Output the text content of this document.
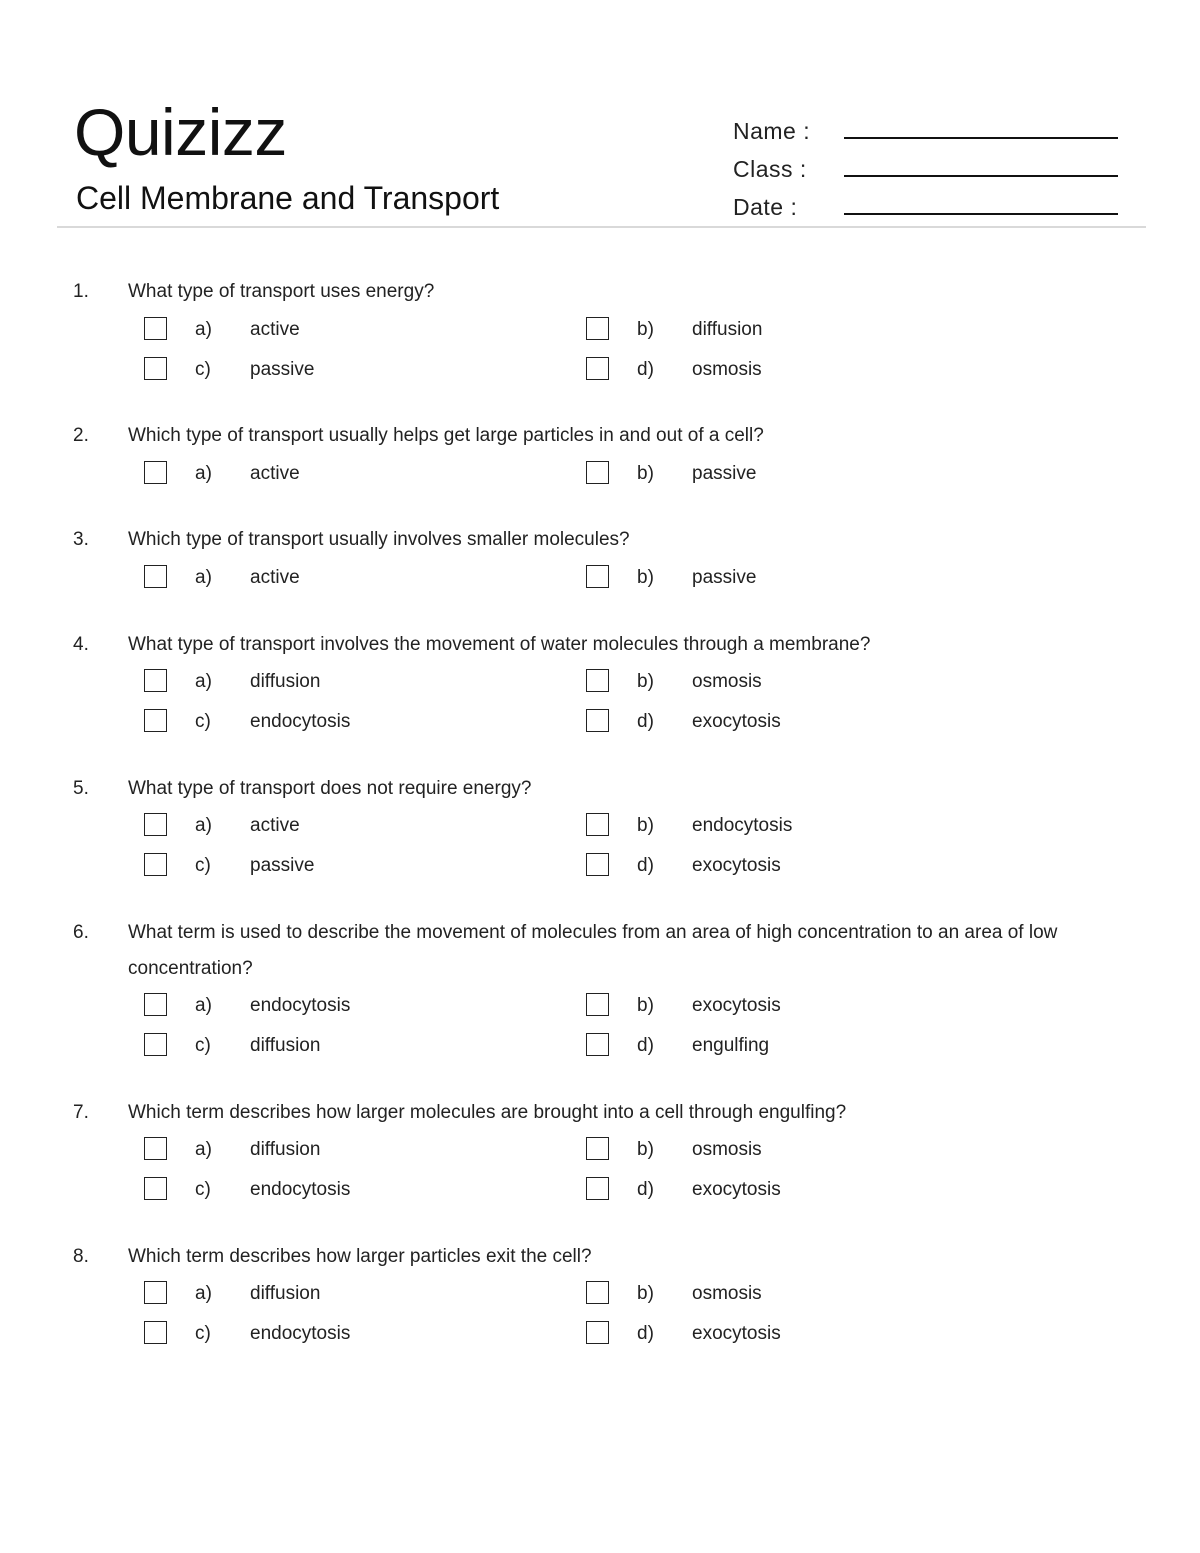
Quizizz
Cell Membrane and Transport
Name :
Class :
Date :
1. What type of transport uses energy?
a) active	b) diffusion
c) passive	d) osmosis
2. Which type of transport usually helps get large particles in and out of a cell?
a) active	b) passive
3. Which type of transport usually involves smaller molecules?
a) active	b) passive
4. What type of transport involves the movement of water molecules through a membrane?
a) diffusion	b) osmosis
c) endocytosis	d) exocytosis
5. What type of transport does not require energy?
a) active	b) endocytosis
c) passive	d) exocytosis
6. What term is used to describe the movement of molecules from an area of high concentration to an area of low concentration?
a) endocytosis	b) exocytosis
c) diffusion	d) engulfing
7. Which term describes how larger molecules are brought into a cell through engulfing?
a) diffusion	b) osmosis
c) endocytosis	d) exocytosis
8. Which term describes how larger particles exit the cell?
a) diffusion	b) osmosis
c) endocytosis	d) exocytosis
